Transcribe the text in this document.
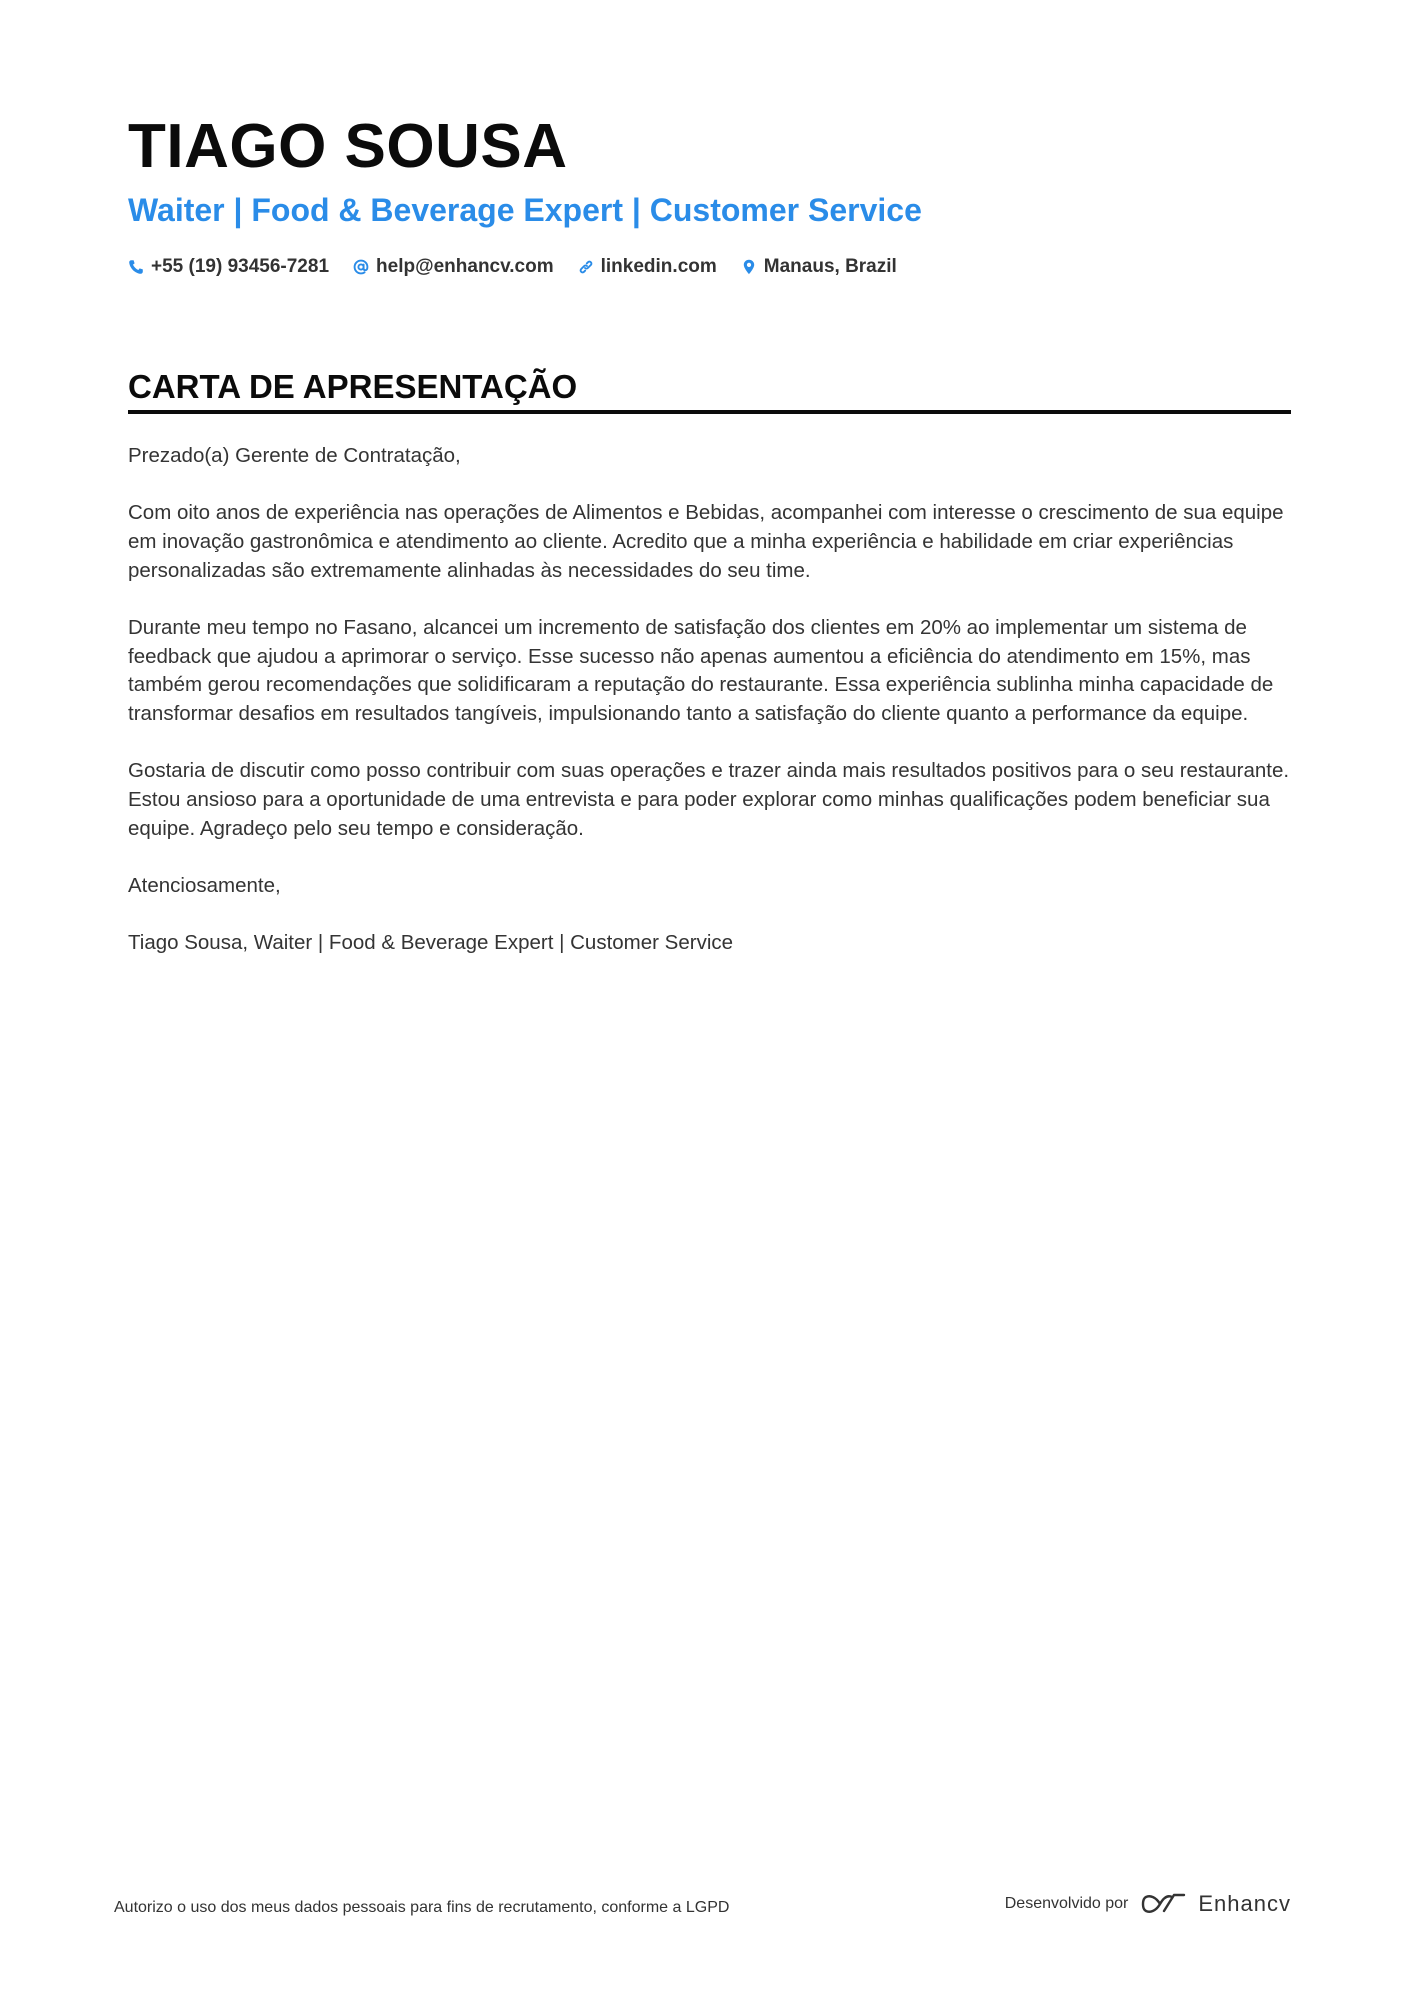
TIAGO SOUSA
Waiter | Food & Beverage Expert | Customer Service
+55 (19) 93456-7281 help@enhancv.com linkedin.com Manaus, Brazil
CARTA DE APRESENTAÇÃO

Prezado(a) Gerente de Contratação,

Com oito anos de experiência nas operações de Alimentos e Bebidas, acompanhei com interesse o crescimento de sua equipe em inovação gastronômica e atendimento ao cliente. Acredito que a minha experiência e habilidade em criar experiências personalizadas são extremamente alinhadas às necessidades do seu time.

Durante meu tempo no Fasano, alcancei um incremento de satisfação dos clientes em 20% ao implementar um sistema de feedback que ajudou a aprimorar o serviço. Esse sucesso não apenas aumentou a eficiência do atendimento em 15%, mas também gerou recomendações que solidificaram a reputação do restaurante. Essa experiência sublinha minha capacidade de transformar desafios em resultados tangíveis, impulsionando tanto a satisfação do cliente quanto a performance da equipe.

Gostaria de discutir como posso contribuir com suas operações e trazer ainda mais resultados positivos para o seu restaurante. Estou ansioso para a oportunidade de uma entrevista e para poder explorar como minhas qualificações podem beneficiar sua equipe. Agradeço pelo seu tempo e consideração.

Atenciosamente,

Tiago Sousa, Waiter | Food & Beverage Expert | Customer Service

Autorizo o uso dos meus dados pessoais para fins de recrutamento, conforme a LGPD	Desenvolvido por	Enhancv
